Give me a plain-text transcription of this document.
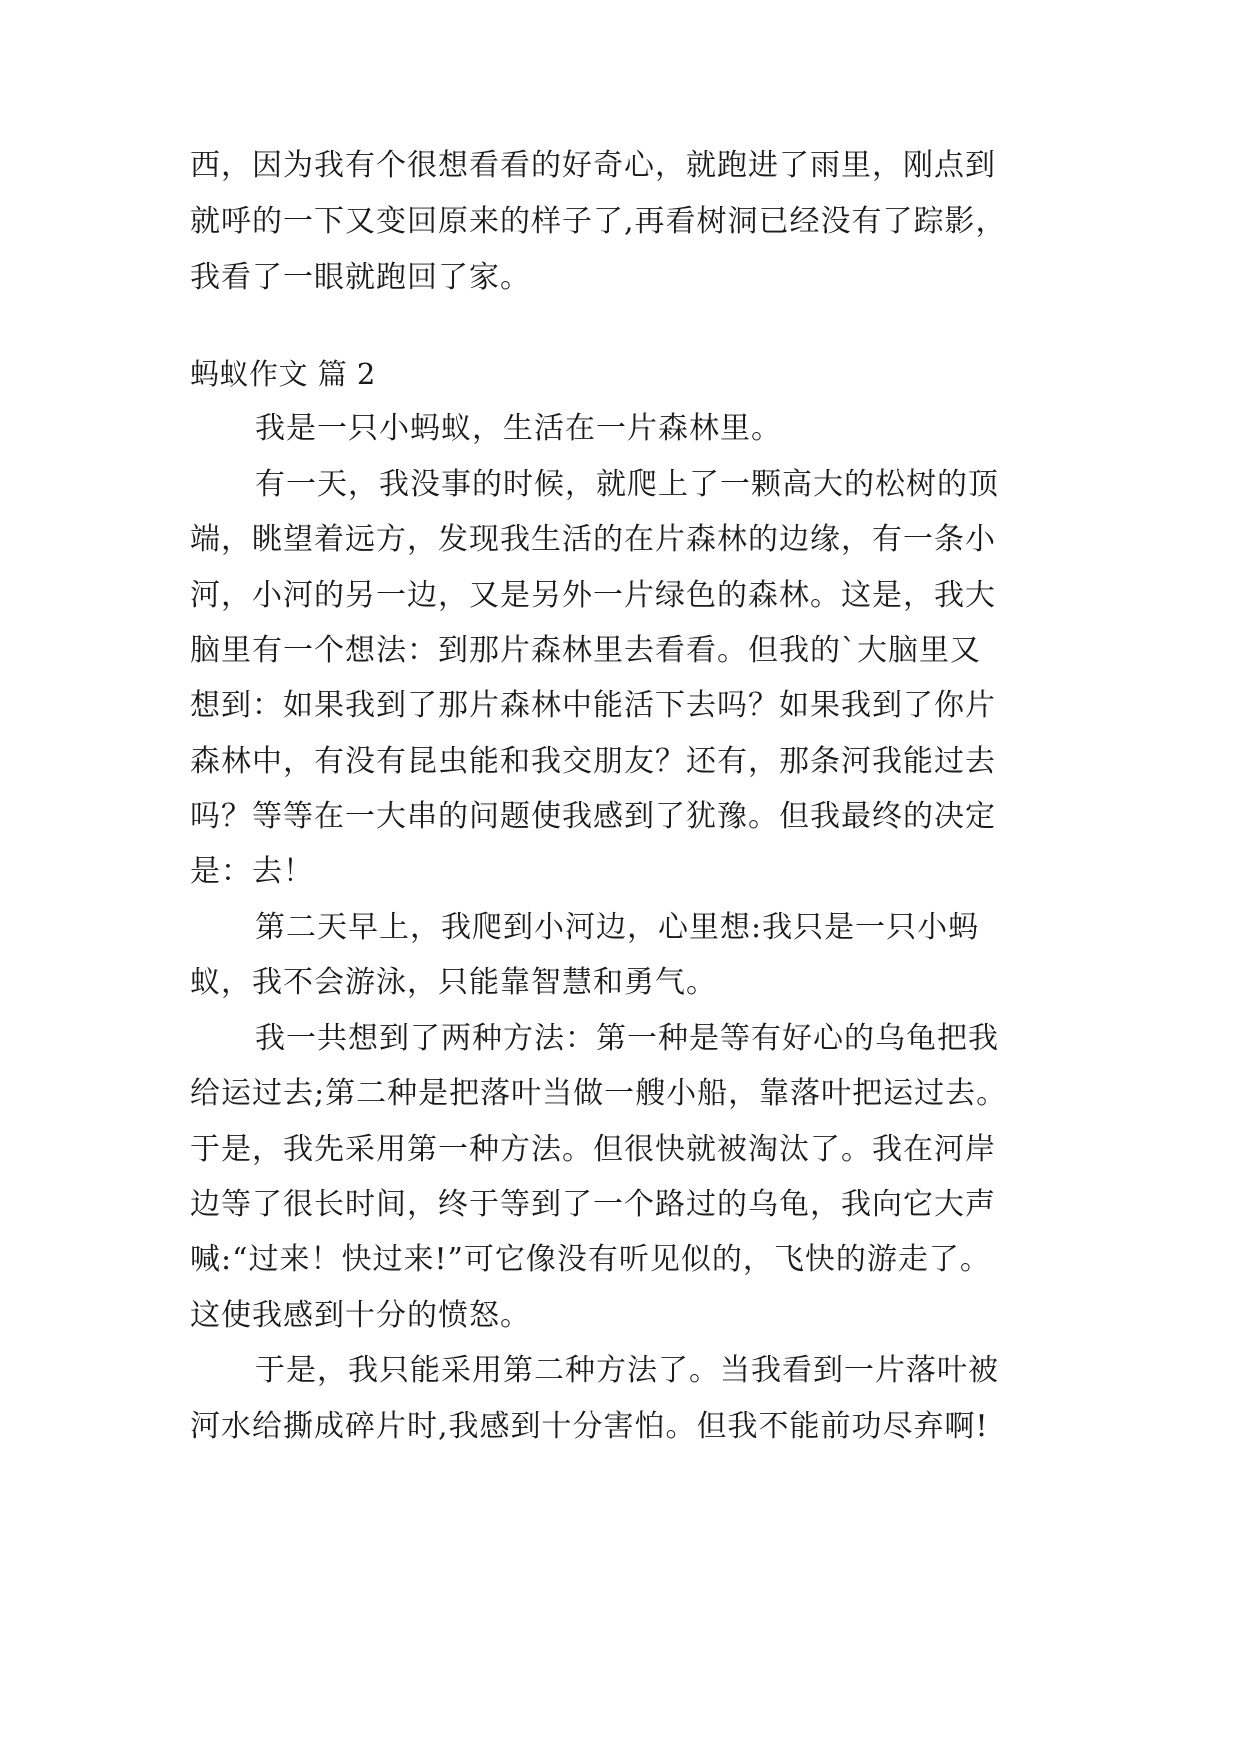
西，因为我有个很想看看的好奇心，就跑进了雨里，刚点到
就呼的一下又变回原来的样子了,再看树洞已经没有了踪影，
我看了一眼就跑回了家。
蚂蚁作文 篇 2
我是一只小蚂蚁，生活在一片森林里。
有一天，我没事的时候，就爬上了一颗高大的松树的顶
端，眺望着远方，发现我生活的在片森林的边缘，有一条小
河，小河的另一边，又是另外一片绿色的森林。这是，我大
脑里有一个想法：到那片森林里去看看。但我的`大脑里又
想到：如果我到了那片森林中能活下去吗？如果我到了你片
森林中，有没有昆虫能和我交朋友？还有，那条河我能过去
吗？等等在一大串的问题使我感到了犹豫。但我最终的决定
是：去！
第二天早上，我爬到小河边，心里想:我只是一只小蚂
蚁，我不会游泳，只能靠智慧和勇气。
我一共想到了两种方法：第一种是等有好心的乌龟把我
给运过去;第二种是把落叶当做一艘小船，靠落叶把运过去。
于是，我先采用第一种方法。但很快就被淘汰了。我在河岸
边等了很长时间，终于等到了一个路过的乌龟，我向它大声
喊:“过来！快过来!”可它像没有听见似的，飞快的游走了。
这使我感到十分的愤怒。
于是，我只能采用第二种方法了。当我看到一片落叶被
河水给撕成碎片时,我感到十分害怕。但我不能前功尽弃啊!
